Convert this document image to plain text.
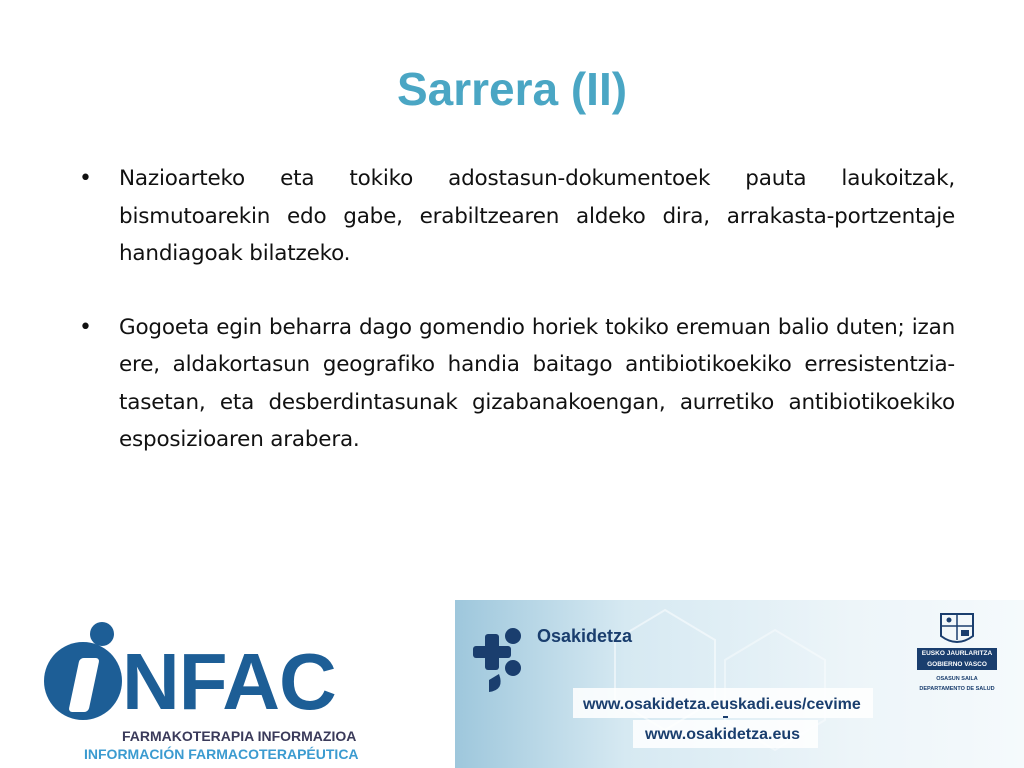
Sarrera (II)
• Nazioarteko eta tokiko adostasun-dokumentoek pauta laukoitzak, bismutoarekin edo gabe, erabiltzearen aldeko dira, arrakasta-portzentaje handiagoak bilatzeko.
• Gogoeta egin beharra dago gomendio horiek tokiko eremuan balio duten; izan ere, aldakortasun geografiko handia baitago antibiotikoekiko erresistentzia-tasetan, eta desberdintasunak gizabanakoengan, aurretiko antibiotikoekiko esposizioaren arabera.
NFAC
FARMAKOTERAPIA INFORMAZIOA
INFORMACIÓN FARMACOTERAPÉUTICA
Osakidetza
www.osakidetza.euskadi.eus/cevime
www.osakidetza.eus
EUSKO JAURLARITZA
GOBIERNO VASCO
OSASUN SAILA
DEPARTAMENTO DE SALUD
